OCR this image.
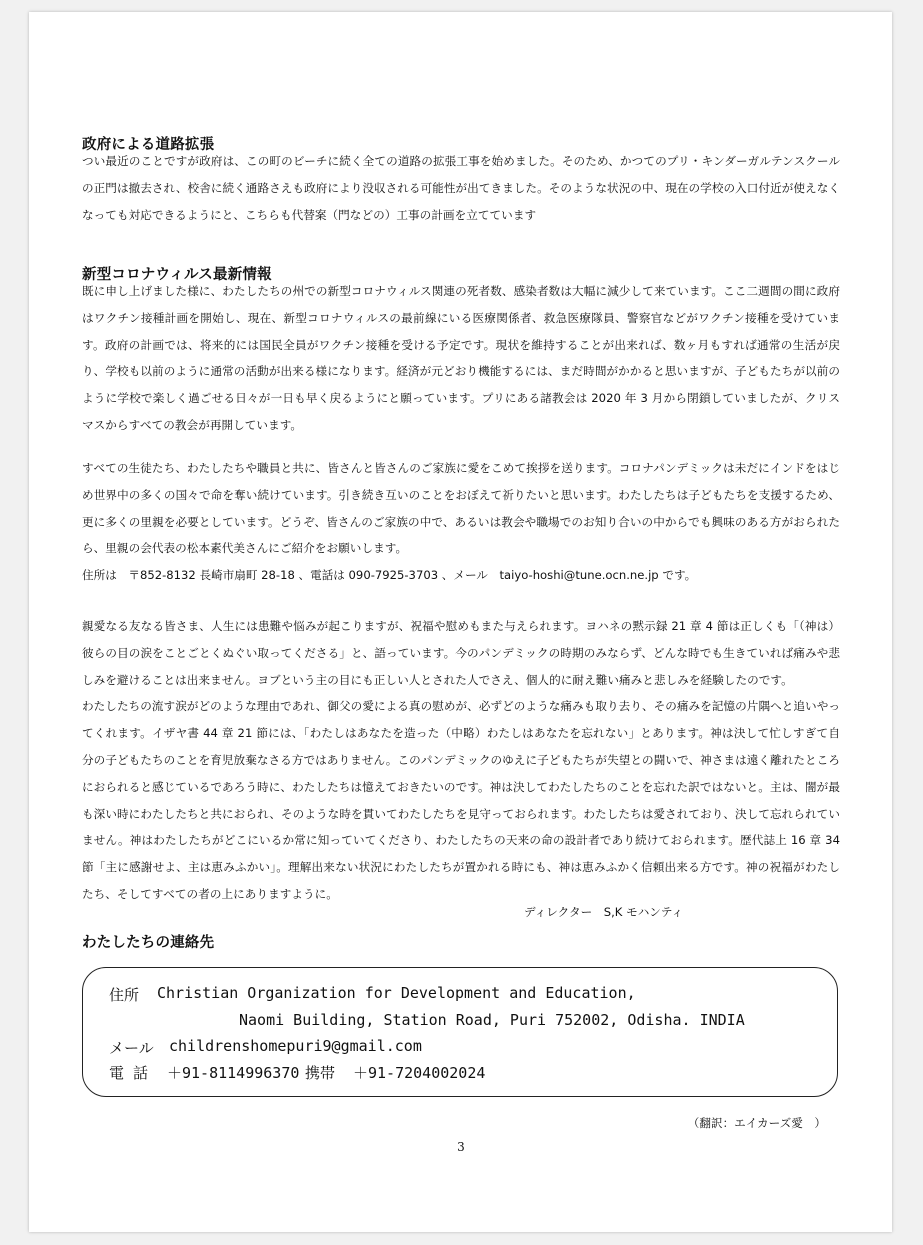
政府による道路拡張

つい最近のことですが政府は、この町のビーチに続く全ての道路の拡張工事を始めました。そのため、かつてのプリ・キンダーガルテンスクールの正門は撤去され、校舎に続く通路さえも政府により没収される可能性が出てきました。そのような状況の中、現在の学校の入口付近が使えなくなっても対応できるようにと、こちらも代替案（門などの）工事の計画を立てています

新型コロナウィルス最新情報

既に申し上げました様に、わたしたちの州での新型コロナウィルス関連の死者数、感染者数は大幅に減少して来ています。ここ二週間の間に政府はワクチン接種計画を開始し、現在、新型コロナウィルスの最前線にいる医療関係者、救急医療隊員、警察官などがワクチン接種を受けています。政府の計画では、将来的には国民全員がワクチン接種を受ける予定です。現状を維持することが出来れば、数ヶ月もすれば通常の生活が戻り、学校も以前のように通常の活動が出来る様になります。経済が元どおり機能するには、まだ時間がかかると思いますが、子どもたちが以前のように学校で楽しく過ごせる日々が一日も早く戻るようにと願っています。プリにある諸教会は 2020 年 3 月から閉鎖していましたが、クリスマスからすべての教会が再開しています。

すべての生徒たち、わたしたちや職員と共に、皆さんと皆さんのご家族に愛をこめて挨拶を送ります。コロナパンデミックは未だにインドをはじめ世界中の多くの国々で命を奪い続けています。引き続き互いのことをおぼえて祈りたいと思います。わたしたちは子どもたちを支援するため、更に多くの里親を必要としています。どうぞ、皆さんのご家族の中で、あるいは教会や職場でのお知り合いの中からでも興味のある方がおられたら、里親の会代表の松本素代美さんにご紹介をお願いします。

住所は　〒852-8132 長崎市扇町 28-18 、電話は 090-7925-3703 、メール　taiyo-hoshi@tune.ocn.ne.jp です。

親愛なる友なる皆さま、人生には患難や悩みが起こりますが、祝福や慰めもまた与えられます。ヨハネの黙示録 21 章 4 節は正しくも「（神は）彼らの目の涙をことごとくぬぐい取ってくださる」と、語っています。今のパンデミックの時期のみならず、どんな時でも生きていれば痛みや悲しみを避けることは出来ません。ヨブという主の目にも正しい人とされた人でさえ、個人的に耐え難い痛みと悲しみを経験したのです。

わたしたちの流す涙がどのような理由であれ、御父の愛による真の慰めが、必ずどのような痛みも取り去り、その痛みを記憶の片隅へと追いやってくれます。イザヤ書 44 章 21 節には、「わたしはあなたを造った（中略）わたしはあなたを忘れない」とあります。神は決して忙しすぎて自分の子どもたちのことを育児放棄なさる方ではありません。このパンデミックのゆえに子どもたちが失望との闘いで、神さまは遠く離れたところにおられると感じているであろう時に、わたしたちは憶えておきたいのです。神は決してわたしたちのことを忘れた訳ではないと。主は、闇が最も深い時にわたしたちと共におられ、そのような時を貫いてわたしたちを見守っておられます。わたしたちは愛されており、決して忘れられていません。神はわたしたちがどこにいるか常に知っていてくださり、わたしたちの天来の命の設計者であり続けておられます。歴代誌上 16 章 34 節「主に感謝せよ、主は恵みふかい」。理解出来ない状況にわたしたちが置かれる時にも、神は恵みふかく信頼出来る方です。神の祝福がわたしたち、そしてすべての者の上にありますように。

ディレクター　S,K モハンティ
わたしたちの連絡先
住所 Christian Organization for Development and Education,
Naomi Building, Station Road, Puri 752002, Odisha. INDIA
メール childrenshomepuri9@gmail.com
電 話 ＋91-8114996370 携帯 ＋91-7204002024
（翻訳：エイカーズ愛　）
3
